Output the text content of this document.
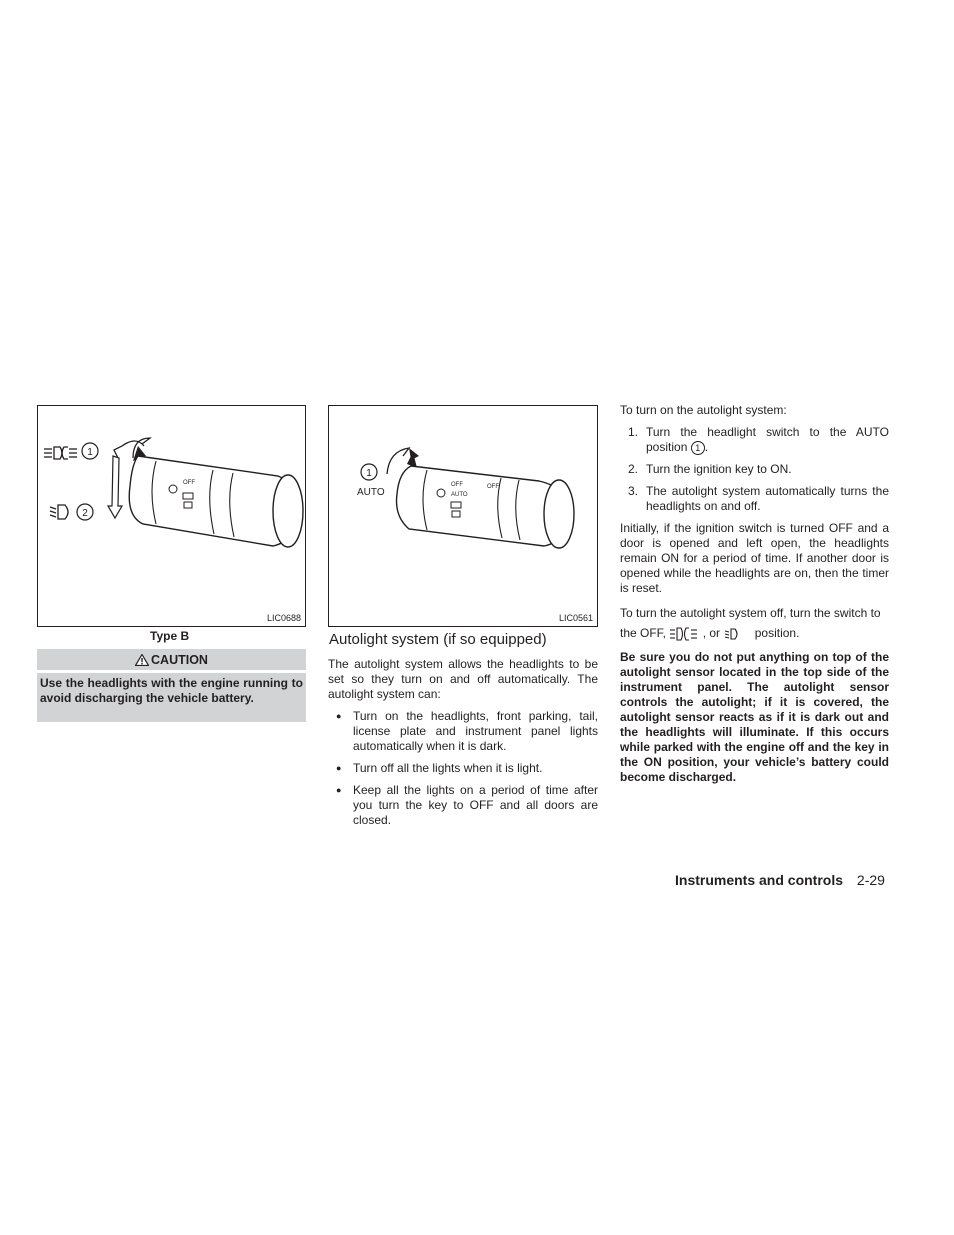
1
2
OFF
LIC0688
Type B
CAUTION
Use the headlights with the engine running to avoid discharging the vehicle battery.
1
AUTO
OFF
AUTO
OFF
LIC0561
Autolight system (if so equipped)

The autolight system allows the headlights to be set so they turn on and off automatically. The autolight system can:

● Turn on the headlights, front parking, tail, license plate and instrument panel lights automatically when it is dark.
● Turn off all the lights when it is light.
● Keep all the lights on a period of time after you turn the key to OFF and all doors are closed.

To turn on the autolight system:

1. Turn the headlight switch to the AUTO position 1 .
2. Turn the ignition key to ON.
3. The autolight system automatically turns the headlights on and off.

Initially, if the ignition switch is turned OFF and a door is opened and left open, the headlights remain ON for a period of time. If another door is opened while the headlights are on, then the timer is reset.

To turn the autolight system off, turn the switch to the OFF,	, or	position.

Be sure you do not put anything on top of the autolight sensor located in the top side of the instrument panel. The autolight sensor controls the autolight; if it is covered, the autolight sensor reacts as if it is dark out and the headlights will illuminate. If this occurs while parked with the engine off and the key in the ON position, your vehicle’s battery could become discharged.

Instruments and controls 2-29
